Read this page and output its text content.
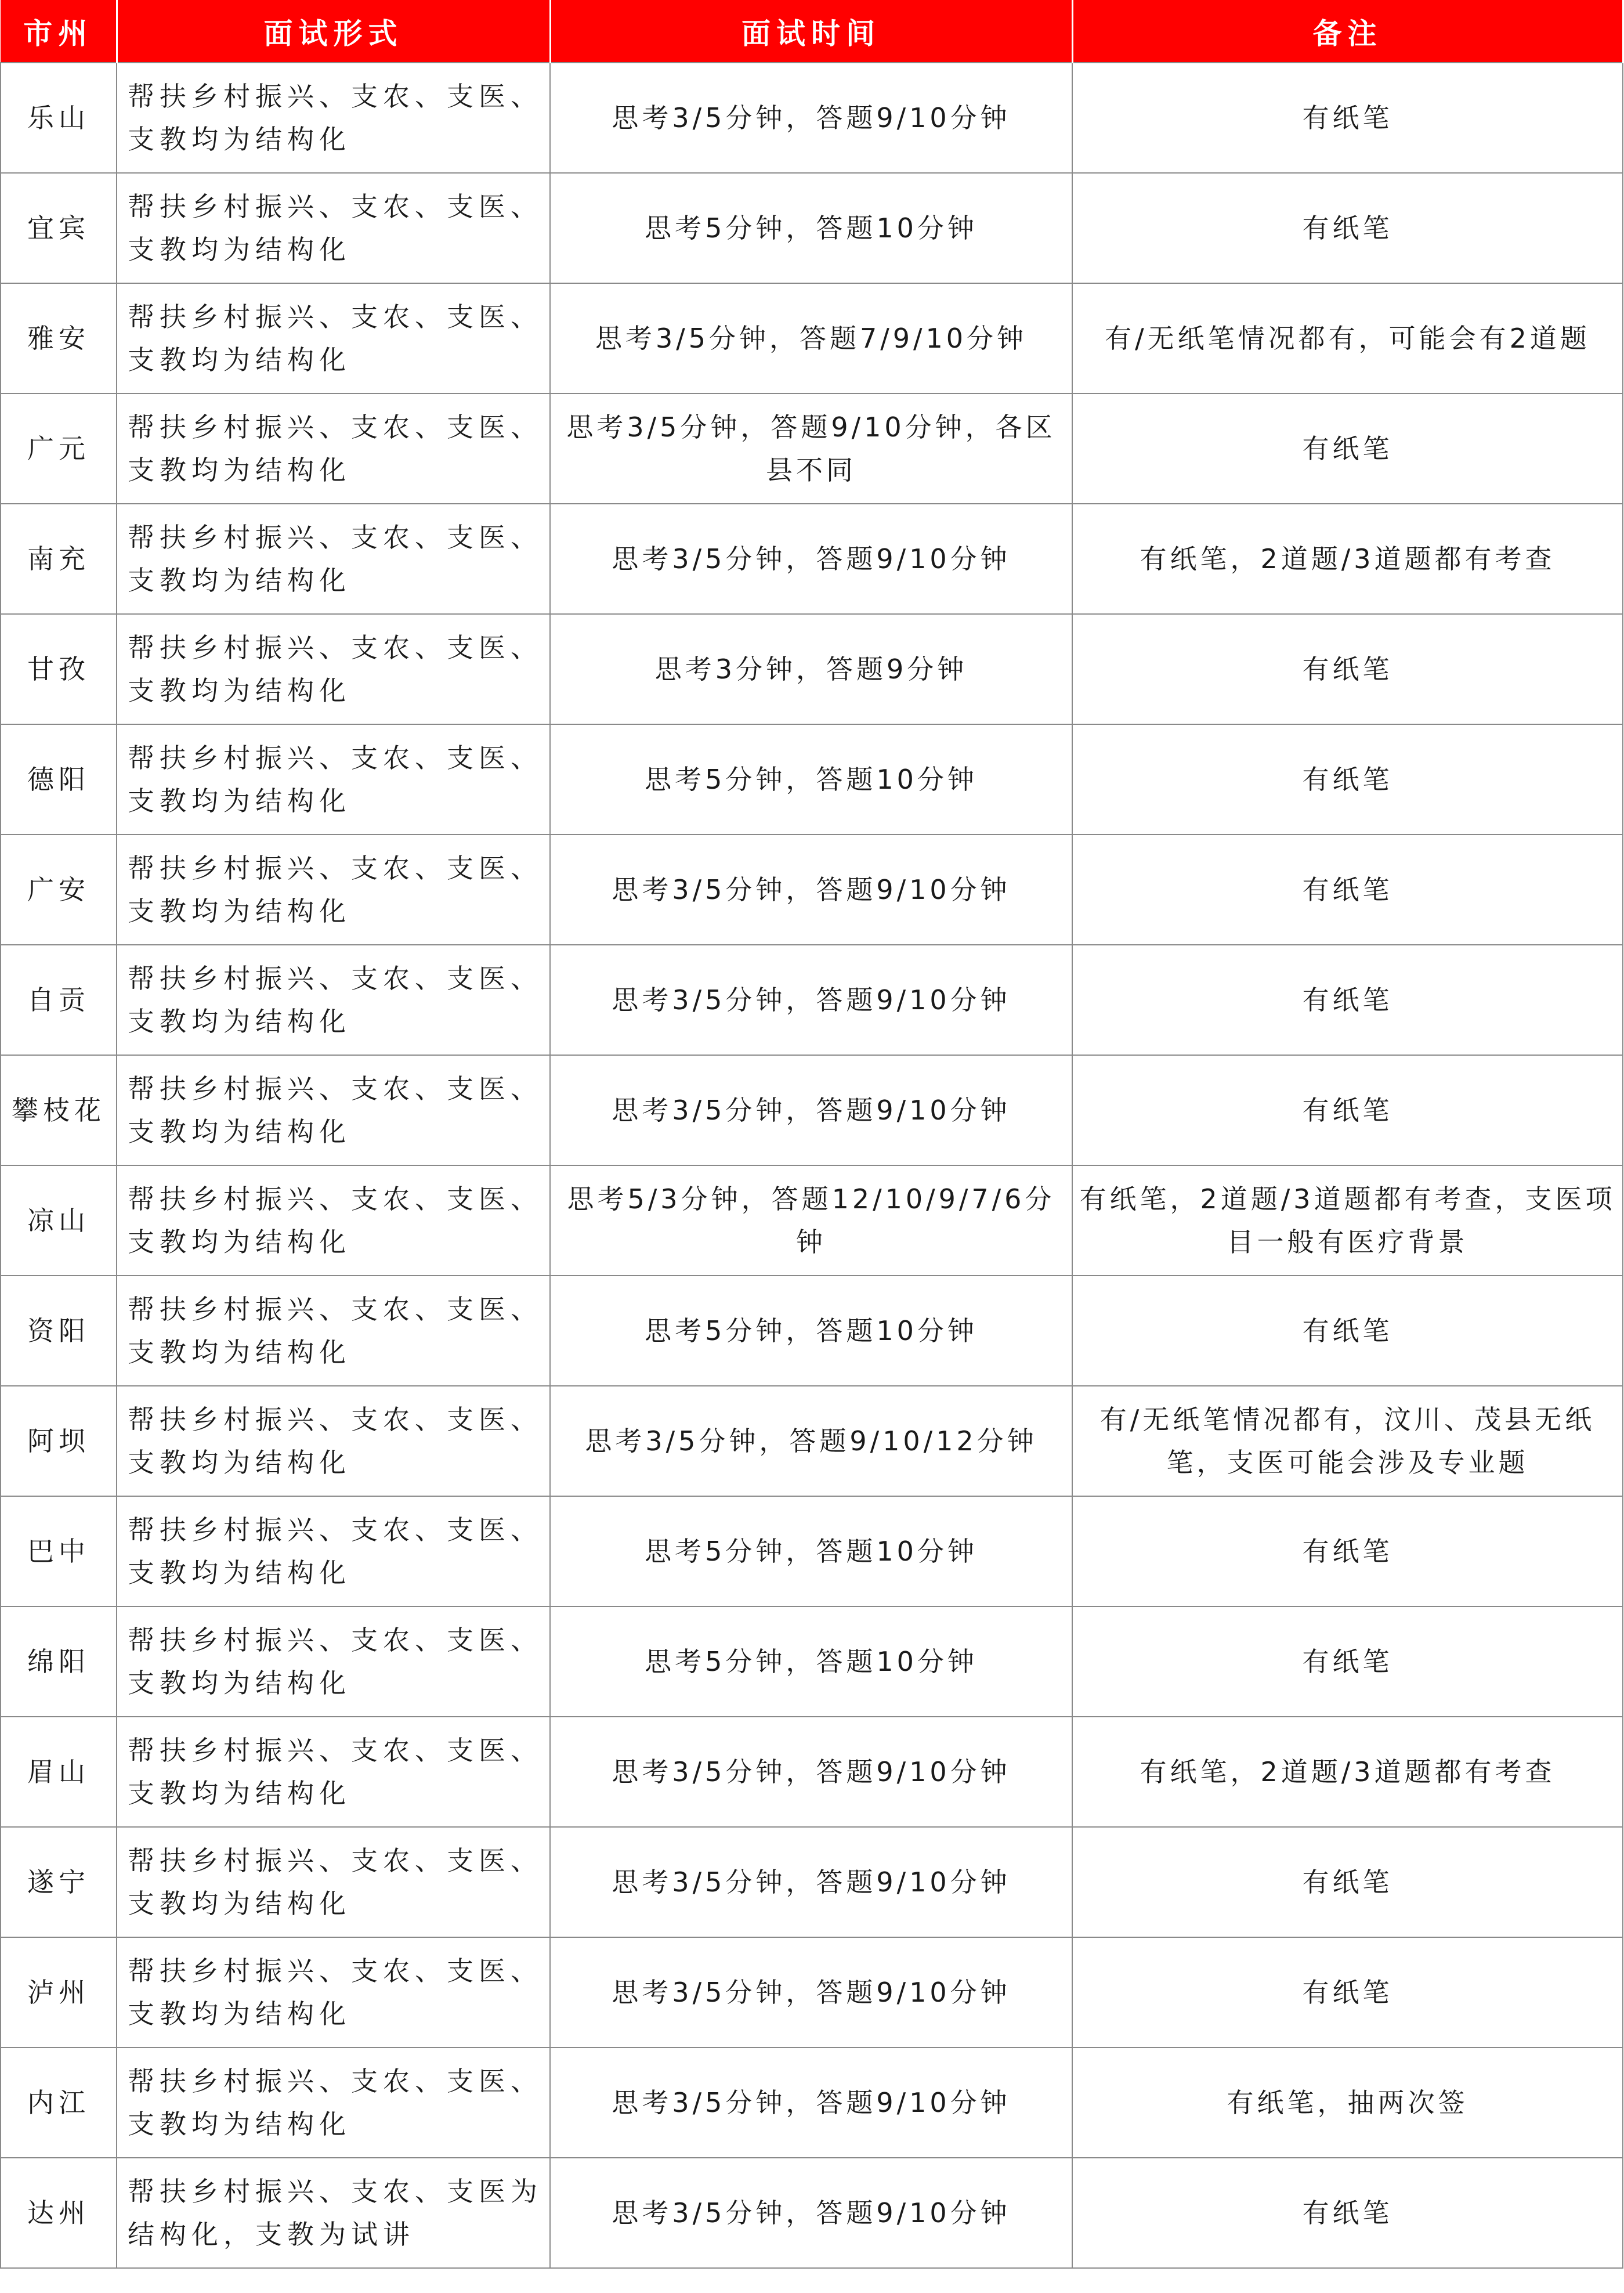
市州	面试形式	面试时间	备注
乐山	帮扶乡村振兴、支农、支医、支教均为结构化	思考3/5分钟，答题9/10分钟	有纸笔
宜宾	帮扶乡村振兴、支农、支医、支教均为结构化	思考5分钟，答题10分钟	有纸笔
雅安	帮扶乡村振兴、支农、支医、支教均为结构化	思考3/5分钟，答题7/9/10分钟	有/无纸笔情况都有，可能会有2道题
广元	帮扶乡村振兴、支农、支医、支教均为结构化	思考3/5分钟，答题9/10分钟，各区县不同	有纸笔
南充	帮扶乡村振兴、支农、支医、支教均为结构化	思考3/5分钟，答题9/10分钟	有纸笔，2道题/3道题都有考查
甘孜	帮扶乡村振兴、支农、支医、支教均为结构化	思考3分钟，答题9分钟	有纸笔
德阳	帮扶乡村振兴、支农、支医、支教均为结构化	思考5分钟，答题10分钟	有纸笔
广安	帮扶乡村振兴、支农、支医、支教均为结构化	思考3/5分钟，答题9/10分钟	有纸笔
自贡	帮扶乡村振兴、支农、支医、支教均为结构化	思考3/5分钟，答题9/10分钟	有纸笔
攀枝花	帮扶乡村振兴、支农、支医、支教均为结构化	思考3/5分钟，答题9/10分钟	有纸笔
凉山	帮扶乡村振兴、支农、支医、支教均为结构化	思考5/3分钟，答题12/10/9/7/6分钟	有纸笔，2道题/3道题都有考查，支医项目一般有医疗背景
资阳	帮扶乡村振兴、支农、支医、支教均为结构化	思考5分钟，答题10分钟	有纸笔
阿坝	帮扶乡村振兴、支农、支医、支教均为结构化	思考3/5分钟，答题9/10/12分钟	有/无纸笔情况都有，汶川、茂县无纸笔，支医可能会涉及专业题
巴中	帮扶乡村振兴、支农、支医、支教均为结构化	思考5分钟，答题10分钟	有纸笔
绵阳	帮扶乡村振兴、支农、支医、支教均为结构化	思考5分钟，答题10分钟	有纸笔
眉山	帮扶乡村振兴、支农、支医、支教均为结构化	思考3/5分钟，答题9/10分钟	有纸笔，2道题/3道题都有考查
遂宁	帮扶乡村振兴、支农、支医、支教均为结构化	思考3/5分钟，答题9/10分钟	有纸笔
泸州	帮扶乡村振兴、支农、支医、支教均为结构化	思考3/5分钟，答题9/10分钟	有纸笔
内江	帮扶乡村振兴、支农、支医、支教均为结构化	思考3/5分钟，答题9/10分钟	有纸笔，抽两次签
达州	帮扶乡村振兴、支农、支医为结构化，支教为试讲	思考3/5分钟，答题9/10分钟	有纸笔
